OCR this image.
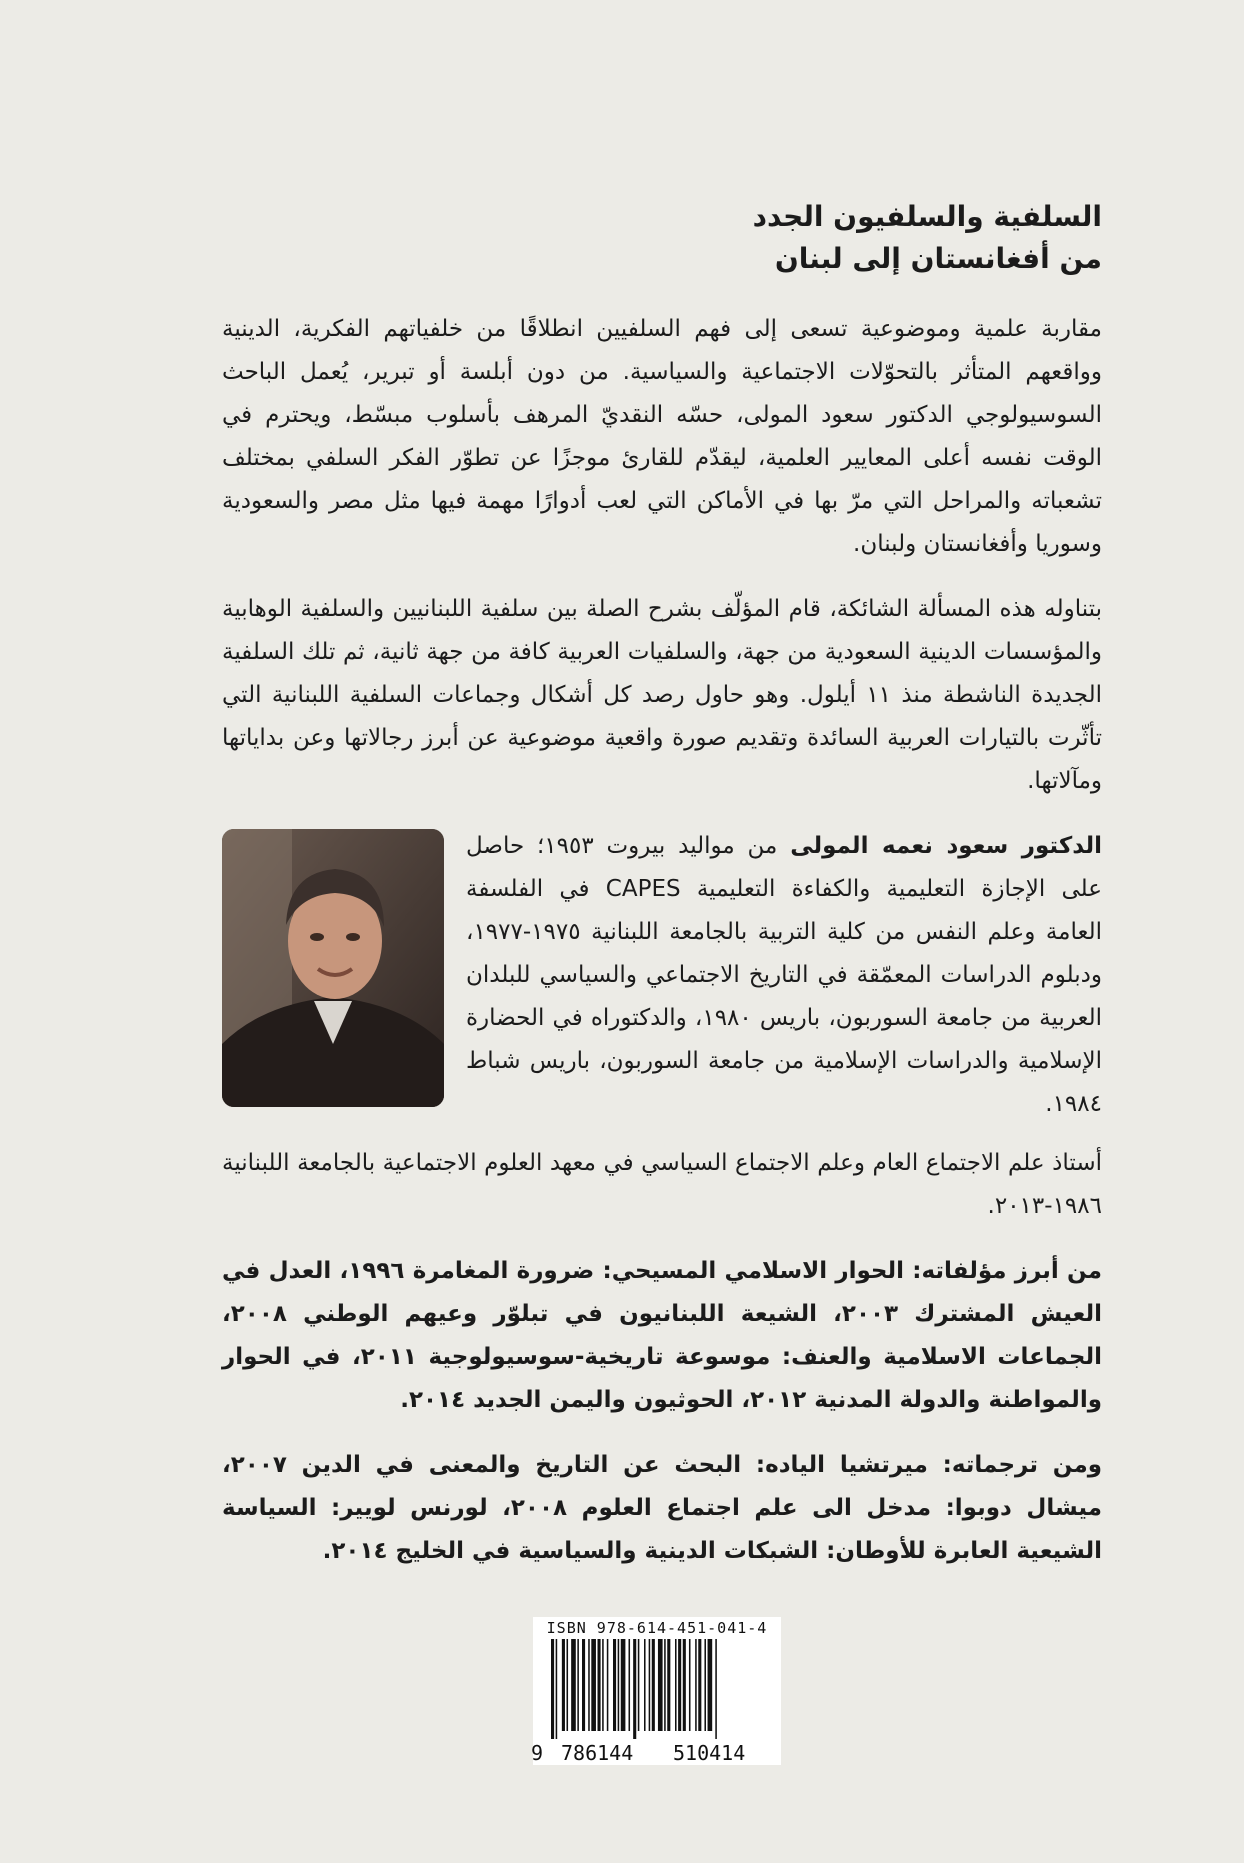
السلفية والسلفيون الجدد
من أفغانستان إلى لبنان

مقاربة علمية وموضوعية تسعى إلى فهم السلفيين انطلاقًا من خلفياتهم الفكرية، الدينية وواقعهم المتأثر بالتحوّلات الاجتماعية والسياسية. من دون أبلسة أو تبرير، يُعمل الباحث السوسيولوجي الدكتور سعود المولى، حسّه النقديّ المرهف بأسلوب مبسّط، ويحترم في الوقت نفسه أعلى المعايير العلمية، ليقدّم للقارئ موجزًا عن تطوّر الفكر السلفي بمختلف تشعباته والمراحل التي مرّ بها في الأماكن التي لعب أدوارًا مهمة فيها مثل مصر والسعودية وسوريا وأفغانستان ولبنان.

بتناوله هذه المسألة الشائكة، قام المؤلّف بشرح الصلة بين سلفية اللبنانيين والسلفية الوهابية والمؤسسات الدينية السعودية من جهة، والسلفيات العربية كافة من جهة ثانية، ثم تلك السلفية الجديدة الناشطة منذ ١١ أيلول. وهو حاول رصد كل أشكال وجماعات السلفية اللبنانية التي تأثّرت بالتيارات العربية السائدة وتقديم صورة واقعية موضوعية عن أبرز رجالاتها وعن بداياتها ومآلاتها.

الدكتور سعود نعمه المولى من مواليد بيروت ١٩٥٣؛ حاصل على الإجازة التعليمية والكفاءة التعليمية CAPES في الفلسفة العامة وعلم النفس من كلية التربية بالجامعة اللبنانية ١٩٧٥-١٩٧٧، ودبلوم الدراسات المعمّقة في التاريخ الاجتماعي والسياسي للبلدان العربية من جامعة السوربون، باريس ١٩٨٠، والدكتوراه في الحضارة الإسلامية والدراسات الإسلامية من جامعة السوربون، باريس شباط ١٩٨٤.

أستاذ علم الاجتماع العام وعلم الاجتماع السياسي في معهد العلوم الاجتماعية بالجامعة اللبنانية ١٩٨٦-٢٠١٣.

من أبرز مؤلفاته: الحوار الاسلامي المسيحي: ضرورة المغامرة ١٩٩٦، العدل في العيش المشترك ٢٠٠٣، الشيعة اللبنانيون في تبلوّر وعيهم الوطني ٢٠٠٨، الجماعات الاسلامية والعنف: موسوعة تاريخية-سوسيولوجية ٢٠١١، في الحوار والمواطنة والدولة المدنية ٢٠١٢، الحوثيون واليمن الجديد ٢٠١٤.

ومن ترجماته: ميرتشيا الياده: البحث عن التاريخ والمعنى في الدين ٢٠٠٧، ميشال دوبوا: مدخل الى علم اجتماع العلوم ٢٠٠٨، لورنس لويير: السياسة الشيعية العابرة للأوطان: الشبكات الدينية والسياسية في الخليج ٢٠١٤.

ISBN 978-614-451-041-4
9 786144 510414
